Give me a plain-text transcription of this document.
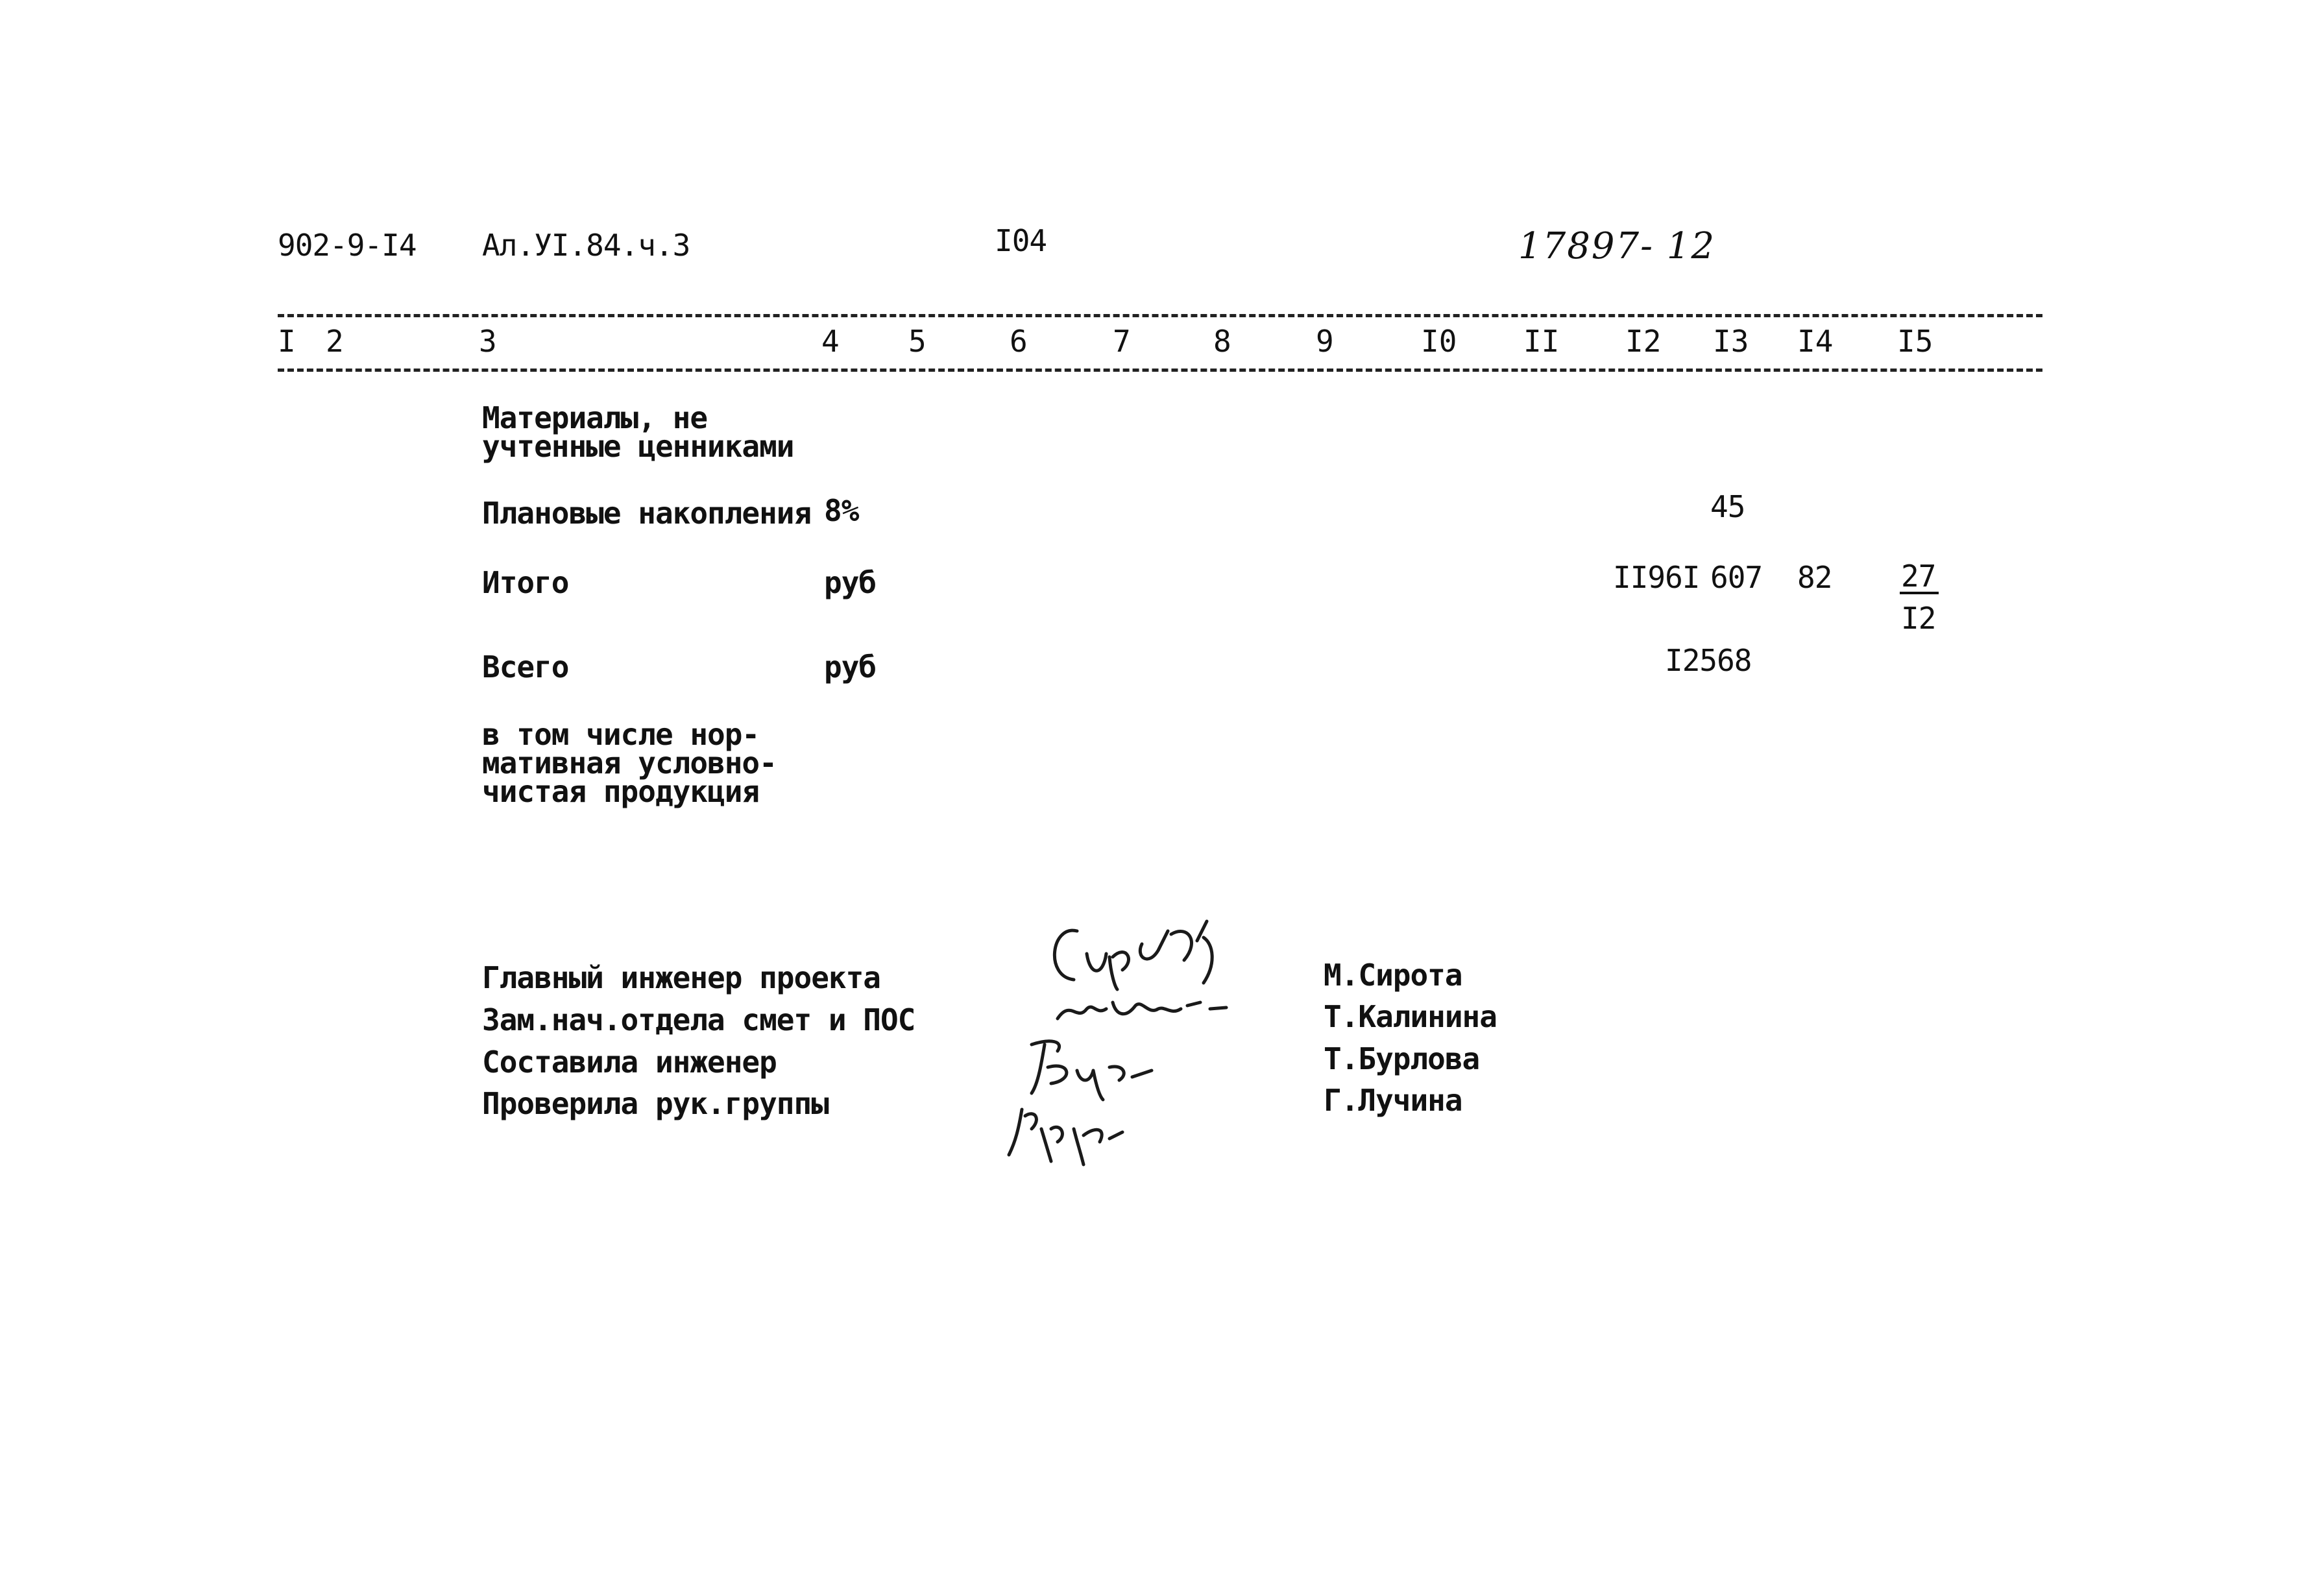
902-9-I4 Ал.УI.84.ч.3	I04	17897- 12
I 2	3	4 5	6	7	8	9	I0 II I2 I3 I4 I5
Материалы, не
учтенные ценниками
Плановые накопления 8%	45
Итого	руб	II96I 607 82 27
I2
Всего	руб	I2568
в том числе нор-
мативная условно-
чистая продукция
Главный инженер проекта
Зам.нач.отдела смет и ПОС
Составила инженер
Проверила рук.группы
М.Сирота
Т.Калинина
Т.Бурлова
Г.Лучина
